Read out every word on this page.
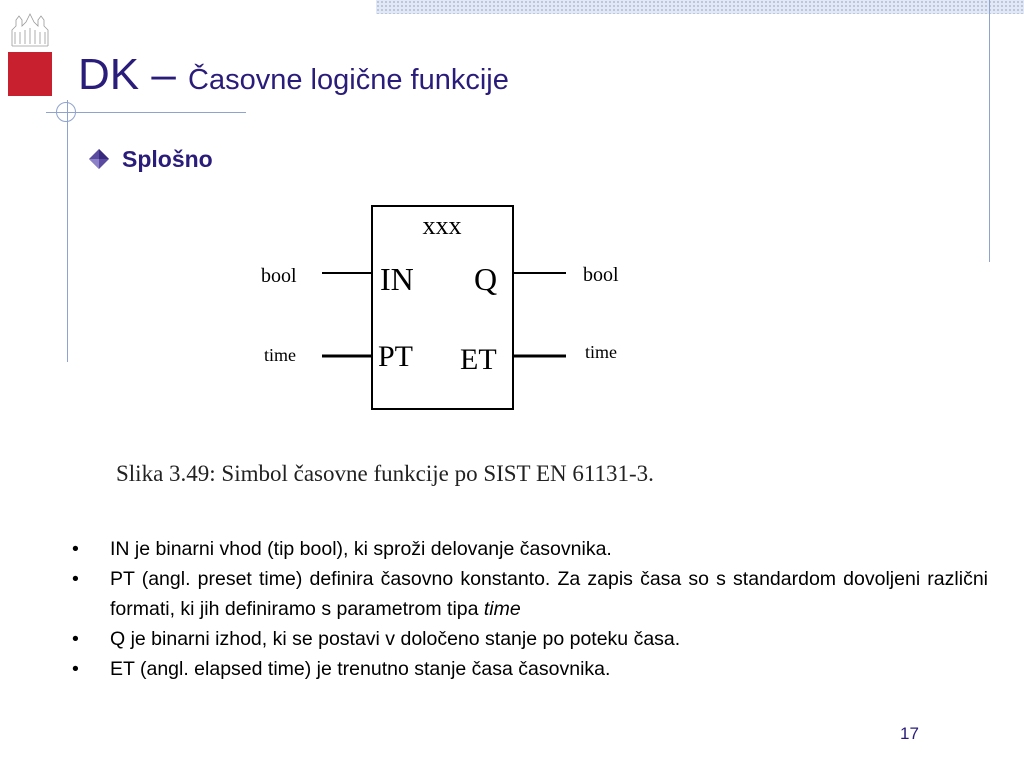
DK – Časovne logične funkcije
Splošno
xxx
IN
PT
Q
ET
bool
time
bool
time
Slika 3.49: Simbol časovne funkcije po SIST EN 61131-3.
• IN je binarni vhod (tip bool), ki sproži delovanje časovnika.
• PT (angl. preset time) definira časovno konstanto. Za zapis časa so s standardom dovoljeni različni formati, ki jih definiramo s parametrom tipa time
• Q je binarni izhod, ki se postavi v določeno stanje po poteku časa.
• ET (angl. elapsed time) je trenutno stanje časa časovnika.
17
